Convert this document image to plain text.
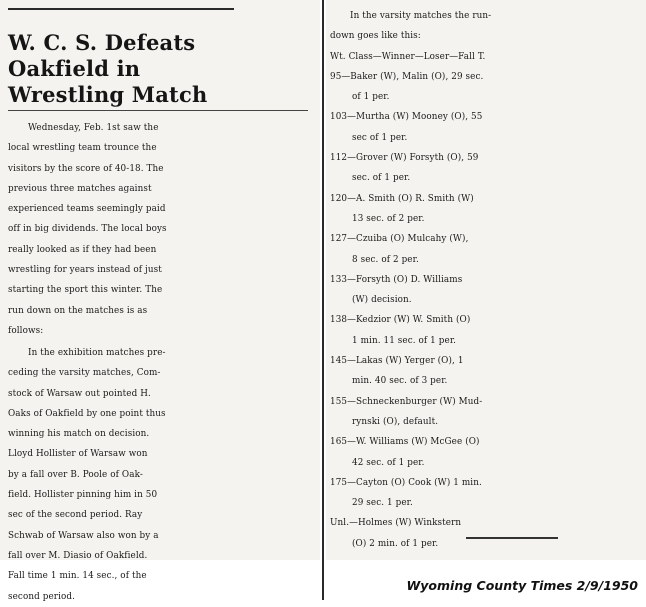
W. C. S. Defeats
Oakfield in
Wrestling Match

Wednesday, Feb. 1st saw the
local wrestling team trounce the
visitors by the score of 40-18. The
previous three matches against
experienced teams seemingly paid
off in big dividends. The local boys
really looked as if they had been
wrestling for years instead of just
starting the sport this winter. The
run down on the matches is as
follows:

In the exhibition matches pre-
ceding the varsity matches, Com-
stock of Warsaw out pointed H.
Oaks of Oakfield by one point thus
winning his match on decision.
Lloyd Hollister of Warsaw won
by a fall over B. Poole of Oak-
field. Hollister pinning him in 50
sec of the second period. Ray
Schwab of Warsaw also won by a
fall over M. Diasio of Oakfield.
Fall time 1 min. 14 sec., of the
second period.

In the varsity matches the run-
down goes like this:
Wt. Class—Winner—Loser—Fall T.
95—Baker (W), Malin (O), 29 sec.
of 1 per.
103—Murtha (W) Mooney (O), 55
sec of 1 per.
112—Grover (W) Forsyth (O), 59
sec. of 1 per.
120—A. Smith (O) R. Smith (W)
13 sec. of 2 per.
127—Czuiba (O) Mulcahy (W),
8 sec. of 2 per.
133—Forsyth (O) D. Williams
(W) decision.
138—Kedzior (W) W. Smith (O)
1 min. 11 sec. of 1 per.
145—Lakas (W) Yerger (O), 1
min. 40 sec. of 3 per.
155—Schneckenburger (W) Mud-
rynski (O), default.
165—W. Williams (W) McGee (O)
42 sec. of 1 per.
175—Cayton (O) Cook (W) 1 min.
29 sec. 1 per.
Unl.—Holmes (W) Winkstern
(O) 2 min. of 1 per.
Wyoming County Times 2/9/1950
